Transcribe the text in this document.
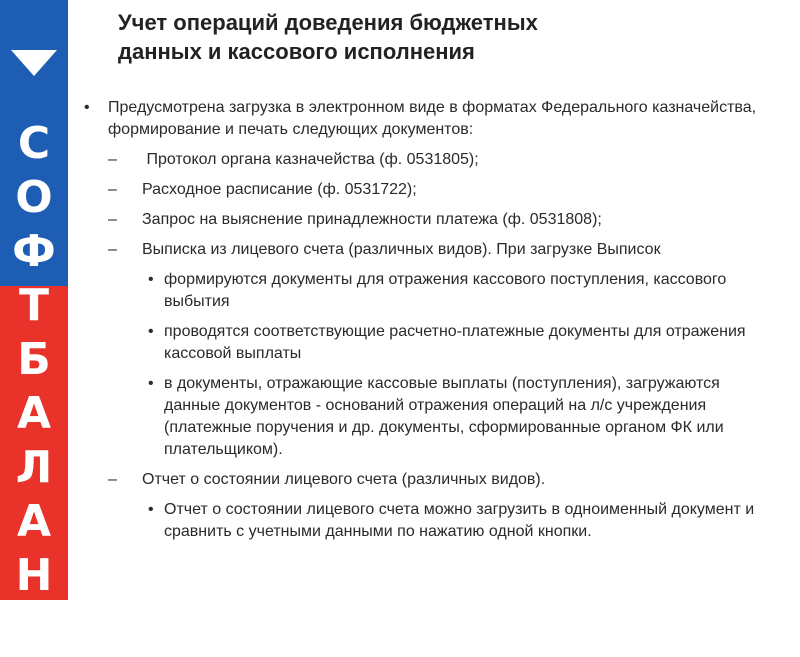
С
О
Ф
Т
Б
А
Л
А
Н
С
Учет операций доведения бюджетных
данных и кассового исполнения
•	Предусмотрена загрузка в электронном виде в форматах Федерального казначейства, формирование и печать следующих документов:
–	Протокол органа казначейства (ф. 0531805);
–	Расходное расписание (ф. 0531722);
–	Запрос на выяснение принадлежности платежа (ф. 0531808);
–	Выписка из лицевого счета (различных видов). При загрузке Выписок
• формируются документы для отражения кассового поступления, кассового выбытия
• проводятся соответствующие расчетно-платежные документы для отражения кассовой выплаты
• в документы, отражающие кассовые выплаты (поступления), загружаются данные документов - оснований отражения операций на л/с учреждения (платежные поручения и др. документы, сформированные органом ФК или плательщиком).
–	Отчет о состоянии лицевого счета (различных видов).
• Отчет о состоянии лицевого счета можно загрузить в одноименный документ и сравнить с учетными данными по нажатию одной кнопки.
